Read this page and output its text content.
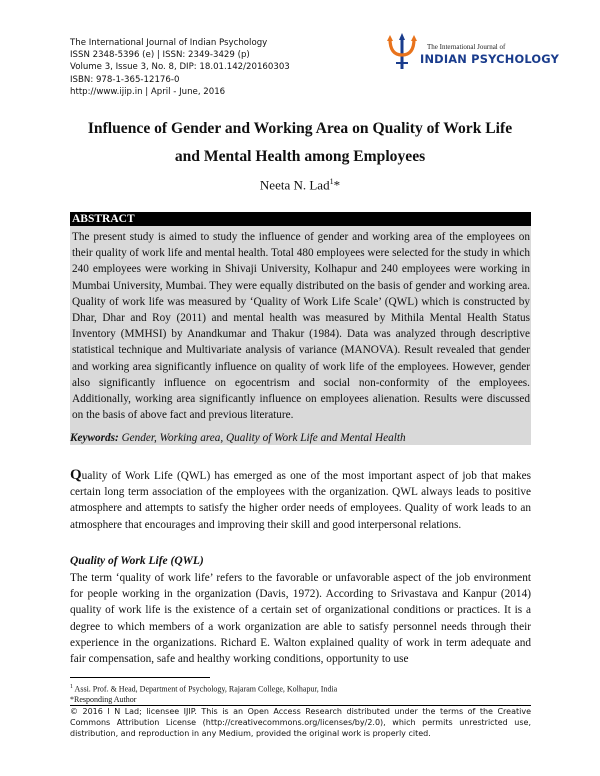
The International Journal of Indian Psychology
ISSN 2348-5396 (e) | ISSN: 2349-3429 (p)
Volume 3, Issue 3, No. 8, DIP: 18.01.142/20160303
ISBN: 978-1-365-12176-0
http://www.ijip.in | April - June, 2016
The International Journal of
INDIAN PSYCHOLOGY
Influence of Gender and Working Area on Quality of Work Life
and Mental Health among Employees
Neeta N. Lad$^1$*
ABSTRACT
The present study is aimed to study the influence of gender and working area of the employees on their quality of work life and mental health. Total 480 employees were selected for the study in which 240 employees were working in Shivaji University, Kolhapur and 240 employees were working in Mumbai University, Mumbai. They were equally distributed on the basis of gender and working area. Quality of work life was measured by ‘Quality of Work Life Scale’ (QWL) which is constructed by Dhar, Dhar and Roy (2011) and mental health was measured by Mithila Mental Health Status Inventory (MMHSI) by Anandkumar and Thakur (1984). Data was analyzed through descriptive statistical technique and Multivariate analysis of variance (MANOVA). Result revealed that gender and working area significantly influence on quality of work life of the employees. However, gender also significantly influence on egocentrism and social non-conformity of the employees. Additionally, working area significantly influence on employees alienation. Results were discussed on the basis of above fact and previous literature.
Keywords: Gender, Working area, Quality of Work Life and Mental Health
Quality of Work Life (QWL) has emerged as one of the most important aspect of job that makes certain long term association of the employees with the organization. QWL always leads to positive atmosphere and attempts to satisfy the higher order needs of employees. Quality of work leads to an atmosphere that encourages and improving their skill and good interpersonal relations.
Quality of Work Life (QWL)
The term ‘quality of work life’ refers to the favorable or unfavorable aspect of the job environment for people working in the organization (Davis, 1972). According to Srivastava and Kanpur (2014) quality of work life is the existence of a certain set of organizational conditions or practices. It is a degree to which members of a work organization are able to satisfy personnel needs through their experience in the organizations. Richard E. Walton explained quality of work in term adequate and fair compensation, safe and healthy working conditions, opportunity to use
$^1$ Assi. Prof. & Head, Department of Psychology, Rajaram College, Kolhapur, India
*Responding Author
© 2016 I N Lad; licensee IJIP. This is an Open Access Research distributed under the terms of the Creative Commons Attribution License (http://creativecommons.org/licenses/by/2.0), which permits unrestricted use, distribution, and reproduction in any Medium, provided the original work is properly cited.
